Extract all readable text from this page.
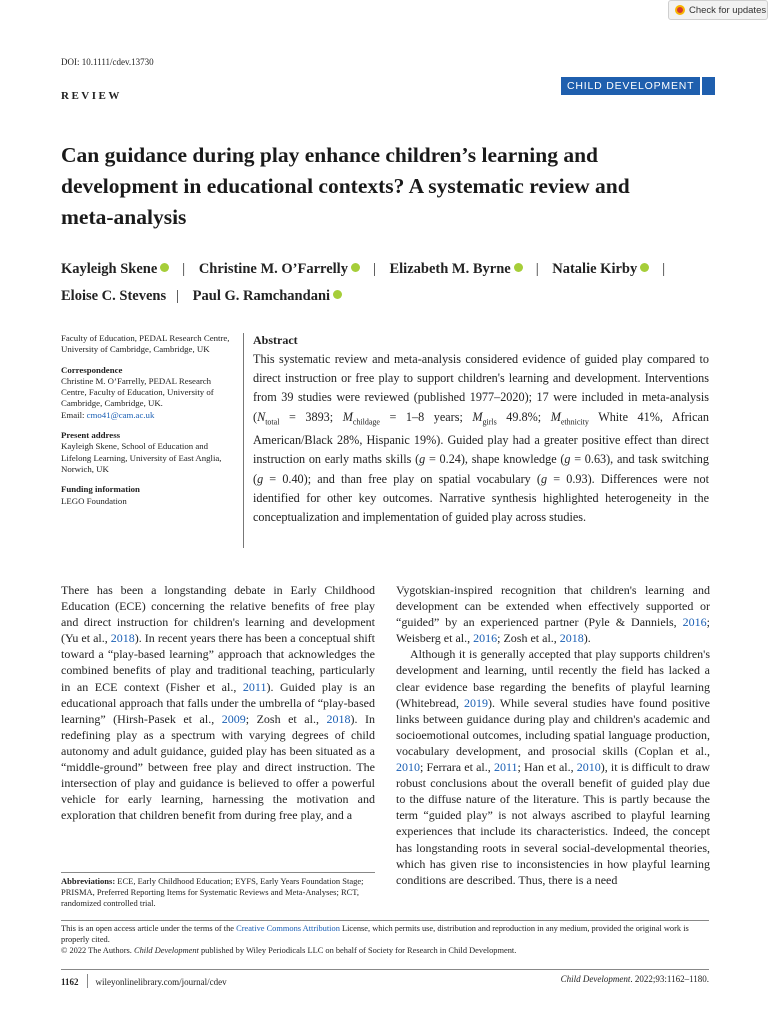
Check for updates
DOI: 10.1111/cdev.13730
REVIEW
CHILD DEVELOPMENT
Can guidance during play enhance children’s learning and development in educational contexts? A systematic review and meta-analysis
Kayleigh Skene | Christine M. O’Farrelly | Elizabeth M. Byrne | Natalie Kirby |
Eloise C. Stevens | Paul G. Ramchandani
Faculty of Education, PEDAL Research Centre, University of Cambridge, Cambridge, UK
Correspondence
Christine M. O’Farrelly, PEDAL Research Centre, Faculty of Education, University of Cambridge, Cambridge, UK.
Email: cmo41@cam.ac.uk
Present address
Kayleigh Skene, School of Education and Lifelong Learning, University of East Anglia, Norwich, UK
Funding information
LEGO Foundation
Abstract
This systematic review and meta-analysis considered evidence of guided play compared to direct instruction or free play to support children's learning and development. Interventions from 39 studies were reviewed (published 1977–2020); 17 were included in meta-analysis ($N_{total} = 3893$; $M_{childage} = 1-8$ years; $M_{girls}$ 49.8%; $M_{ethnicity}$ White 41%, African American/Black 28%, Hispanic 19%). Guided play had a greater positive effect than direct instruction on early maths skills (g = 0.24), shape knowledge (g = 0.63), and task switching (g = 0.40); and than free play on spatial vocabulary (g = 0.93). Differences were not identified for other key outcomes. Narrative synthesis highlighted heterogeneity in the conceptualization and implementation of guided play across studies.
There has been a longstanding debate in Early Childhood Education (ECE) concerning the relative benefits of free play and direct instruction for children's learning and development (Yu et al., 2018). In recent years there has been a conceptual shift toward a “play-based learning” approach that acknowledges the combined benefits of play and traditional teaching, particularly in an ECE context (Fisher et al., 2011). Guided play is an educational approach that falls under the umbrella of “play-based learning” (Hirsh-Pasek et al., 2009; Zosh et al., 2018). In redefining play as a spectrum with varying degrees of child autonomy and adult guidance, guided play has been situated as a “middle-ground” between free play and direct instruction. The intersection of play and guidance is believed to offer a powerful vehicle for early learning, harnessing the motivation and exploration that children benefit from during free play, and a
Vygotskian-inspired recognition that children's learning and development can be extended when effectively supported or “guided” by an experienced partner (Pyle & Danniels, 2016; Weisberg et al., 2016; Zosh et al., 2018).
Although it is generally accepted that play supports children's development and learning, until recently the field has lacked a clear evidence base regarding the benefits of playful learning (Whitebread, 2019). While several studies have found positive links between guidance during play and children's academic and socioemotional outcomes, including spatial language production, vocabulary development, and prosocial skills (Coplan et al., 2010; Ferrara et al., 2011; Han et al., 2010), it is difficult to draw robust conclusions about the overall benefit of guided play due to the diffuse nature of the literature. This is partly because the term “guided play” is not always ascribed to playful learning experiences that include its characteristics. Indeed, the concept has longstanding roots in several social-developmental theories, which has given rise to inconsistencies in how playful learning conditions are described. Thus, there is a need
Abbreviations: ECE, Early Childhood Education; EYFS, Early Years Foundation Stage; PRISMA, Preferred Reporting Items for Systematic Reviews and Meta-Analyses; RCT, randomized controlled trial.
This is an open access article under the terms of the Creative Commons Attribution License, which permits use, distribution and reproduction in any medium, provided the original work is properly cited.
© 2022 The Authors. Child Development published by Wiley Periodicals LLC on behalf of Society for Research in Child Development.
1162 wileyonlinelibrary.com/journal/cdev	Child Development. 2022;93:1162–1180.
